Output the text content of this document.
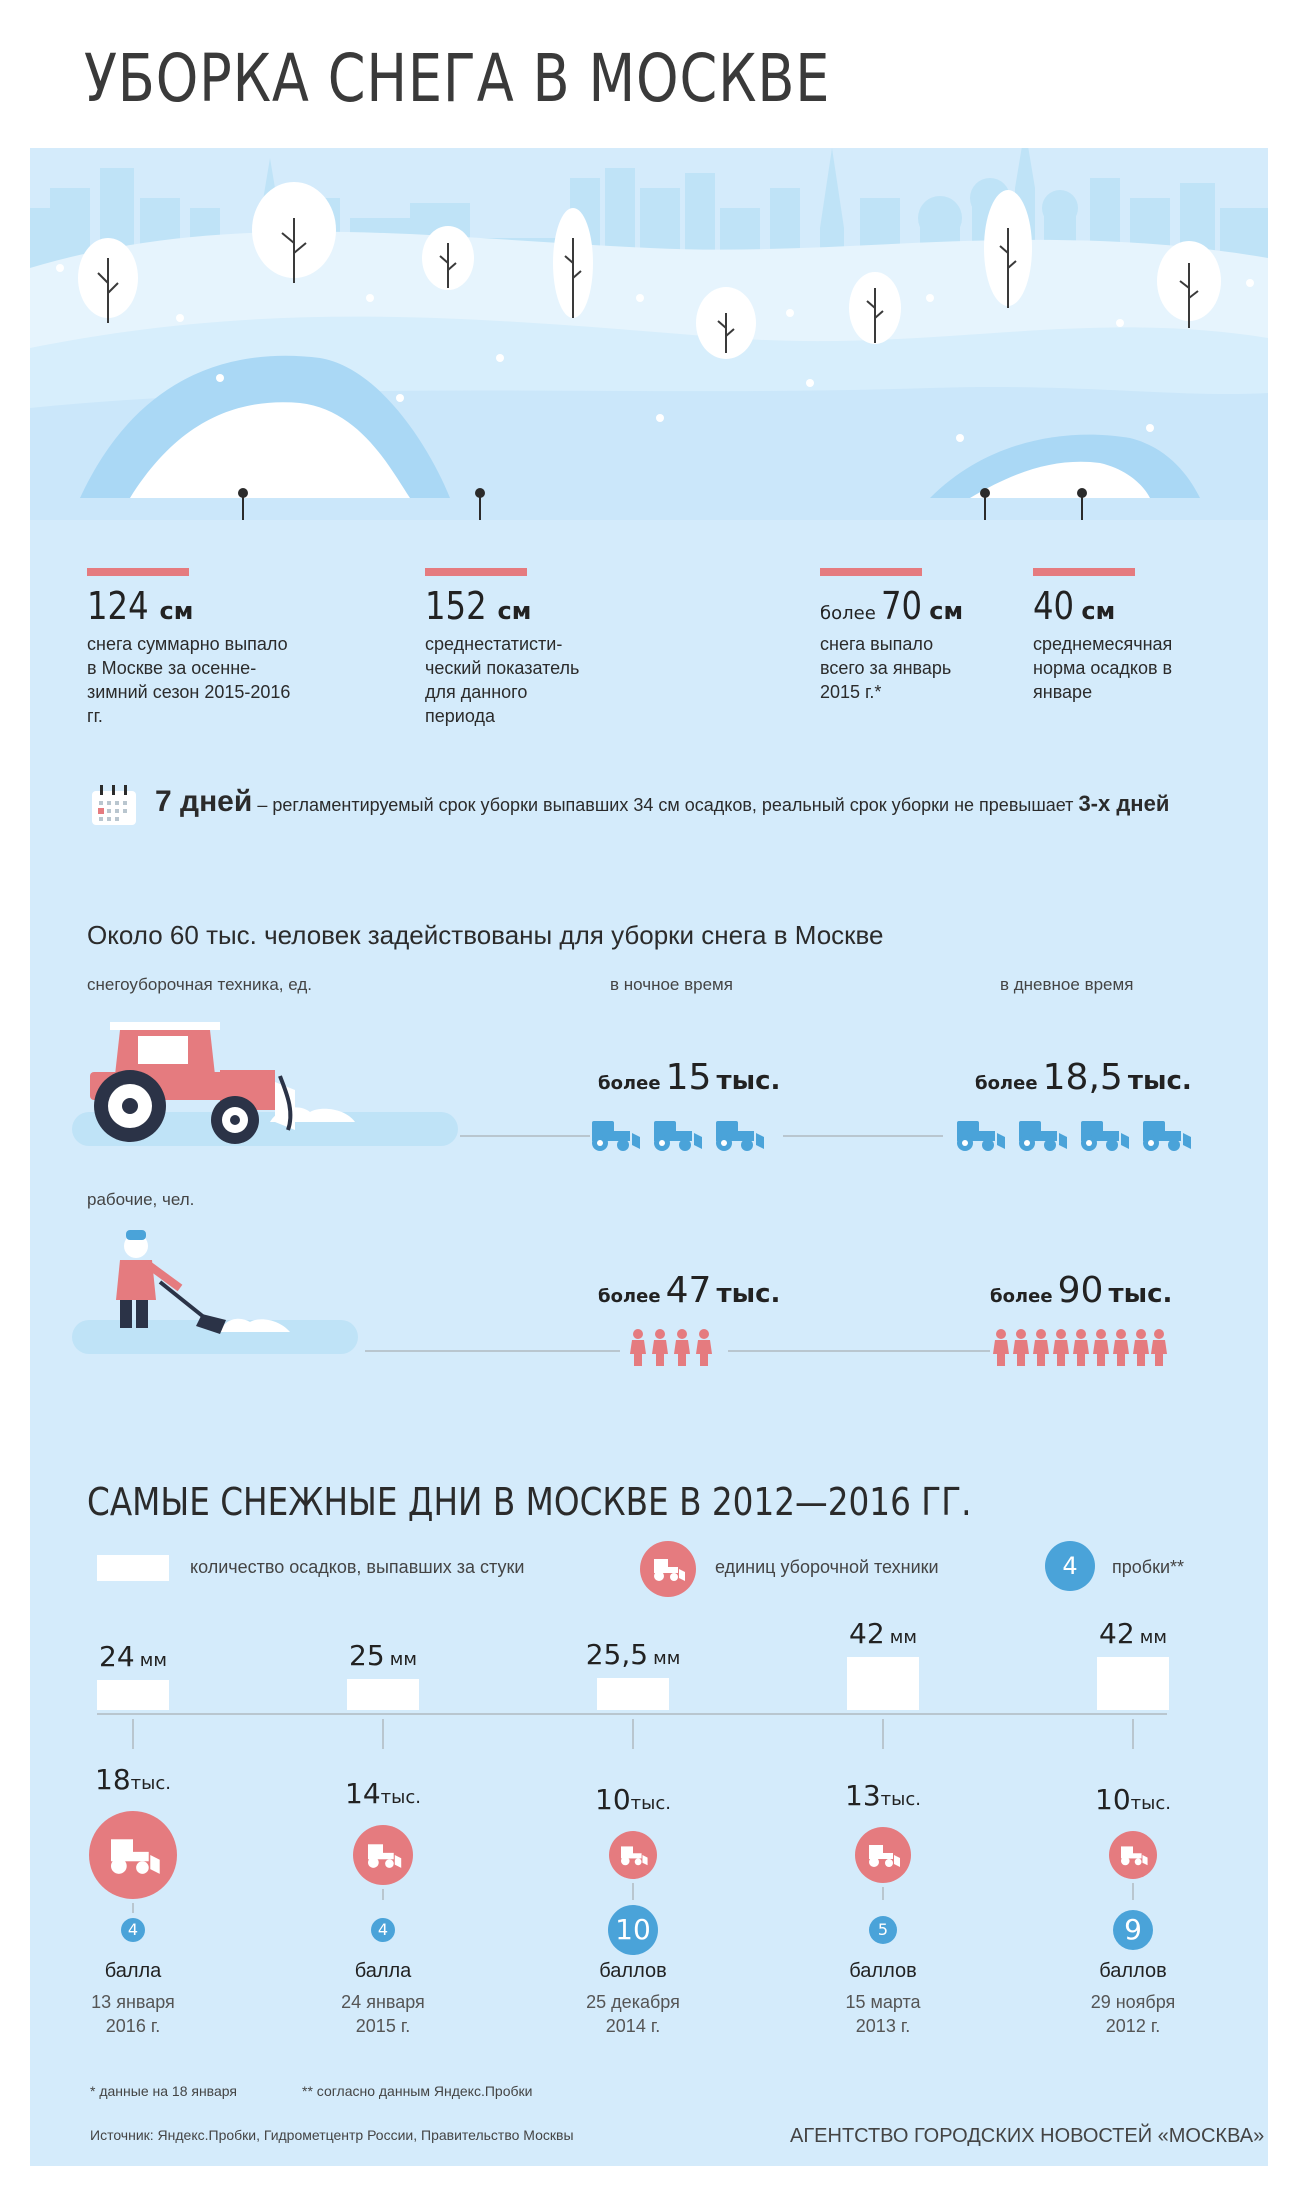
УБОРКА СНЕГА В МОСКВЕ
124 см
снега суммарно выпало в Москве за осенне-зимний сезон 2015-2016 гг.
152 см
среднестатисти-ческий показатель для данного периода
более 70 см
снега выпало всего за январь 2015 г.*
40 см
среднемесячная норма осадков в январе
7 дней – регламентируемый срок уборки выпавших 34 см осадков, реальный срок уборки не превышает 3-х дней
Около 60 тыс. человек задействованы для уборки снега в Москве
снегоуборочная техника, ед.	в ночное время	в дневное время
более 15 тыс.	более 18,5 тыс.
рабочие, чел.
более 47 тыс.	более 90 тыс.
САМЫЕ СНЕЖНЫЕ ДНИ В МОСКВЕ В 2012—2016 ГГ.
количество осадков, выпавших за стуки	единиц уборочной техники	4	пробки**
24 мм
18тыс.
4
балла
13 января
2016 г.
25 мм
14тыс.
4
балла
24 января
2015 г.
25,5 мм
10тыс.
10
баллов
25 декабря
2014 г.
42 мм
13тыс.
5
баллов
15 марта
2013 г.
42 мм
10тыс.
9
баллов
29 ноября
2012 г.
* данные на 18 января	** согласно данным Яндекс.Пробки
Источник: Яндекс.Пробки, Гидрометцентр России, Правительство Москвы	АГЕНТСТВО ГОРОДСКИХ НОВОСТЕЙ «МОСКВА»
